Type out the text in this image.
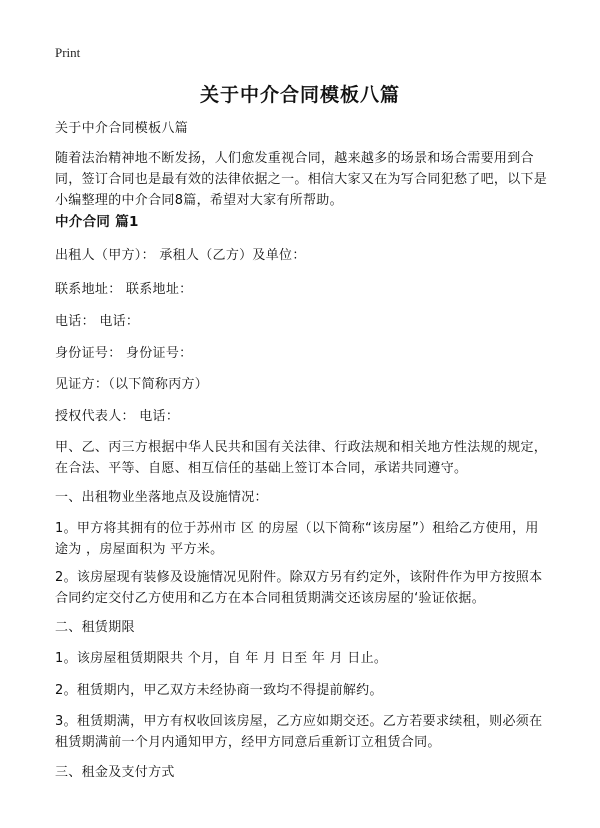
Print
关于中介合同模板八篇

关于中介合同模板八篇

随着法治精神地不断发扬，人们愈发重视合同，越来越多的场景和场合需要用到合同，签订合同也是最有效的法律依据之一。相信大家又在为写合同犯愁了吧，以下是小编整理的中介合同8篇，希望对大家有所帮助。

中介合同 篇1

出租人（甲方）： 承租人（乙方）及单位：

联系地址： 联系地址：

电话： 电话：

身份证号： 身份证号：

见证方：（以下简称丙方）

授权代表人： 电话：

甲、乙、丙三方根据中华人民共和国有关法律、行政法规和相关地方性法规的规定，在合法、平等、自愿、相互信任的基础上签订本合同，承诺共同遵守。

一、出租物业坐落地点及设施情况：

1。甲方将其拥有的位于苏州市 区 的房屋（以下简称“该房屋”）租给乙方使用，用途为 ，房屋面积为 平方米。

2。该房屋现有装修及设施情况见附件。除双方另有约定外，该附件作为甲方按照本合同约定交付乙方使用和乙方在本合同租赁期满交还该房屋的‘验证依据。

二、租赁期限

1。该房屋租赁期限共 个月，自 年 月 日至 年 月 日止。

2。租赁期内，甲乙双方未经协商一致均不得提前解约。

3。租赁期满，甲方有权收回该房屋，乙方应如期交还。乙方若要求续租，则必须在租赁期满前一个月内通知甲方，经甲方同意后重新订立租赁合同。

三、租金及支付方式
